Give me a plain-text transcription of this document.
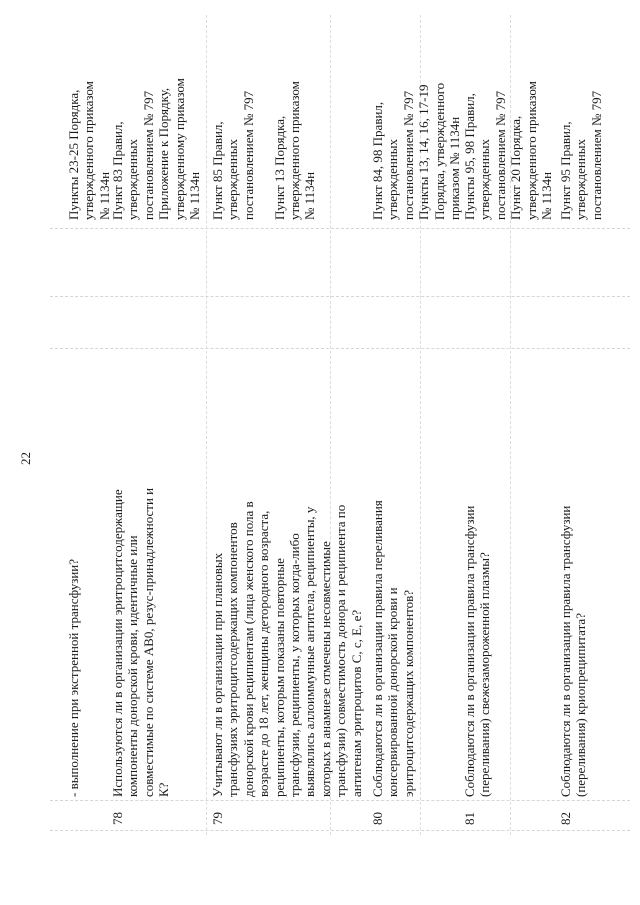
22
- выполнение при экстренной трансфузии?
Пункты 23-25 Порядка, утвержденного приказом № 1134н
78
Используются ли в организации эритроцитсодержащие компоненты донорской крови, идентичные или совместимые по системе АВ0, резус-принадлежности и К?
Пункт 83 Правил, утвержденных постановлением № 797 Приложение к Порядку, утвержденному приказом № 1134н
79
Учитывают ли в организации при плановых трансфузиях эритроцитсодержащих компонентов донорской крови реципиентам (лица женского пола в возрасте до 18 лет, женщины детородного возраста, реципиенты, которым показаны повторные трансфузии, реципиенты, у которых когда-либо выявлялись аллоиммунные антитела, реципиенты, у которых в анамнезе отмечены несовместимые трансфузии) совместимость донора и реципиента по антигенам эритроцитов С, с, Е, е?
Пункт 85 Правил, утвержденных постановлением № 797
Пункт 13 Порядка, утвержденного приказом № 1134н
80
Соблюдаются ли в организации правила переливания консервированной донорской крови и эритроцитсодержащих компонентов?
Пункт 84, 98 Правил, утвержденных постановлением № 797 Пункты 13, 14, 16, 17-19 Порядка, утвержденного приказом № 1134н
81
Соблюдаются ли в организации правила трансфузии (переливания) свежезамороженной плазмы?
Пункты 95, 98 Правил, утвержденных постановлением № 797 Пункт 20 Порядка, утвержденного приказом № 1134н
82
Соблюдаются ли в организации правила трансфузии (переливания) криопреципитата?
Пункт 95 Правил, утвержденных постановлением № 797
